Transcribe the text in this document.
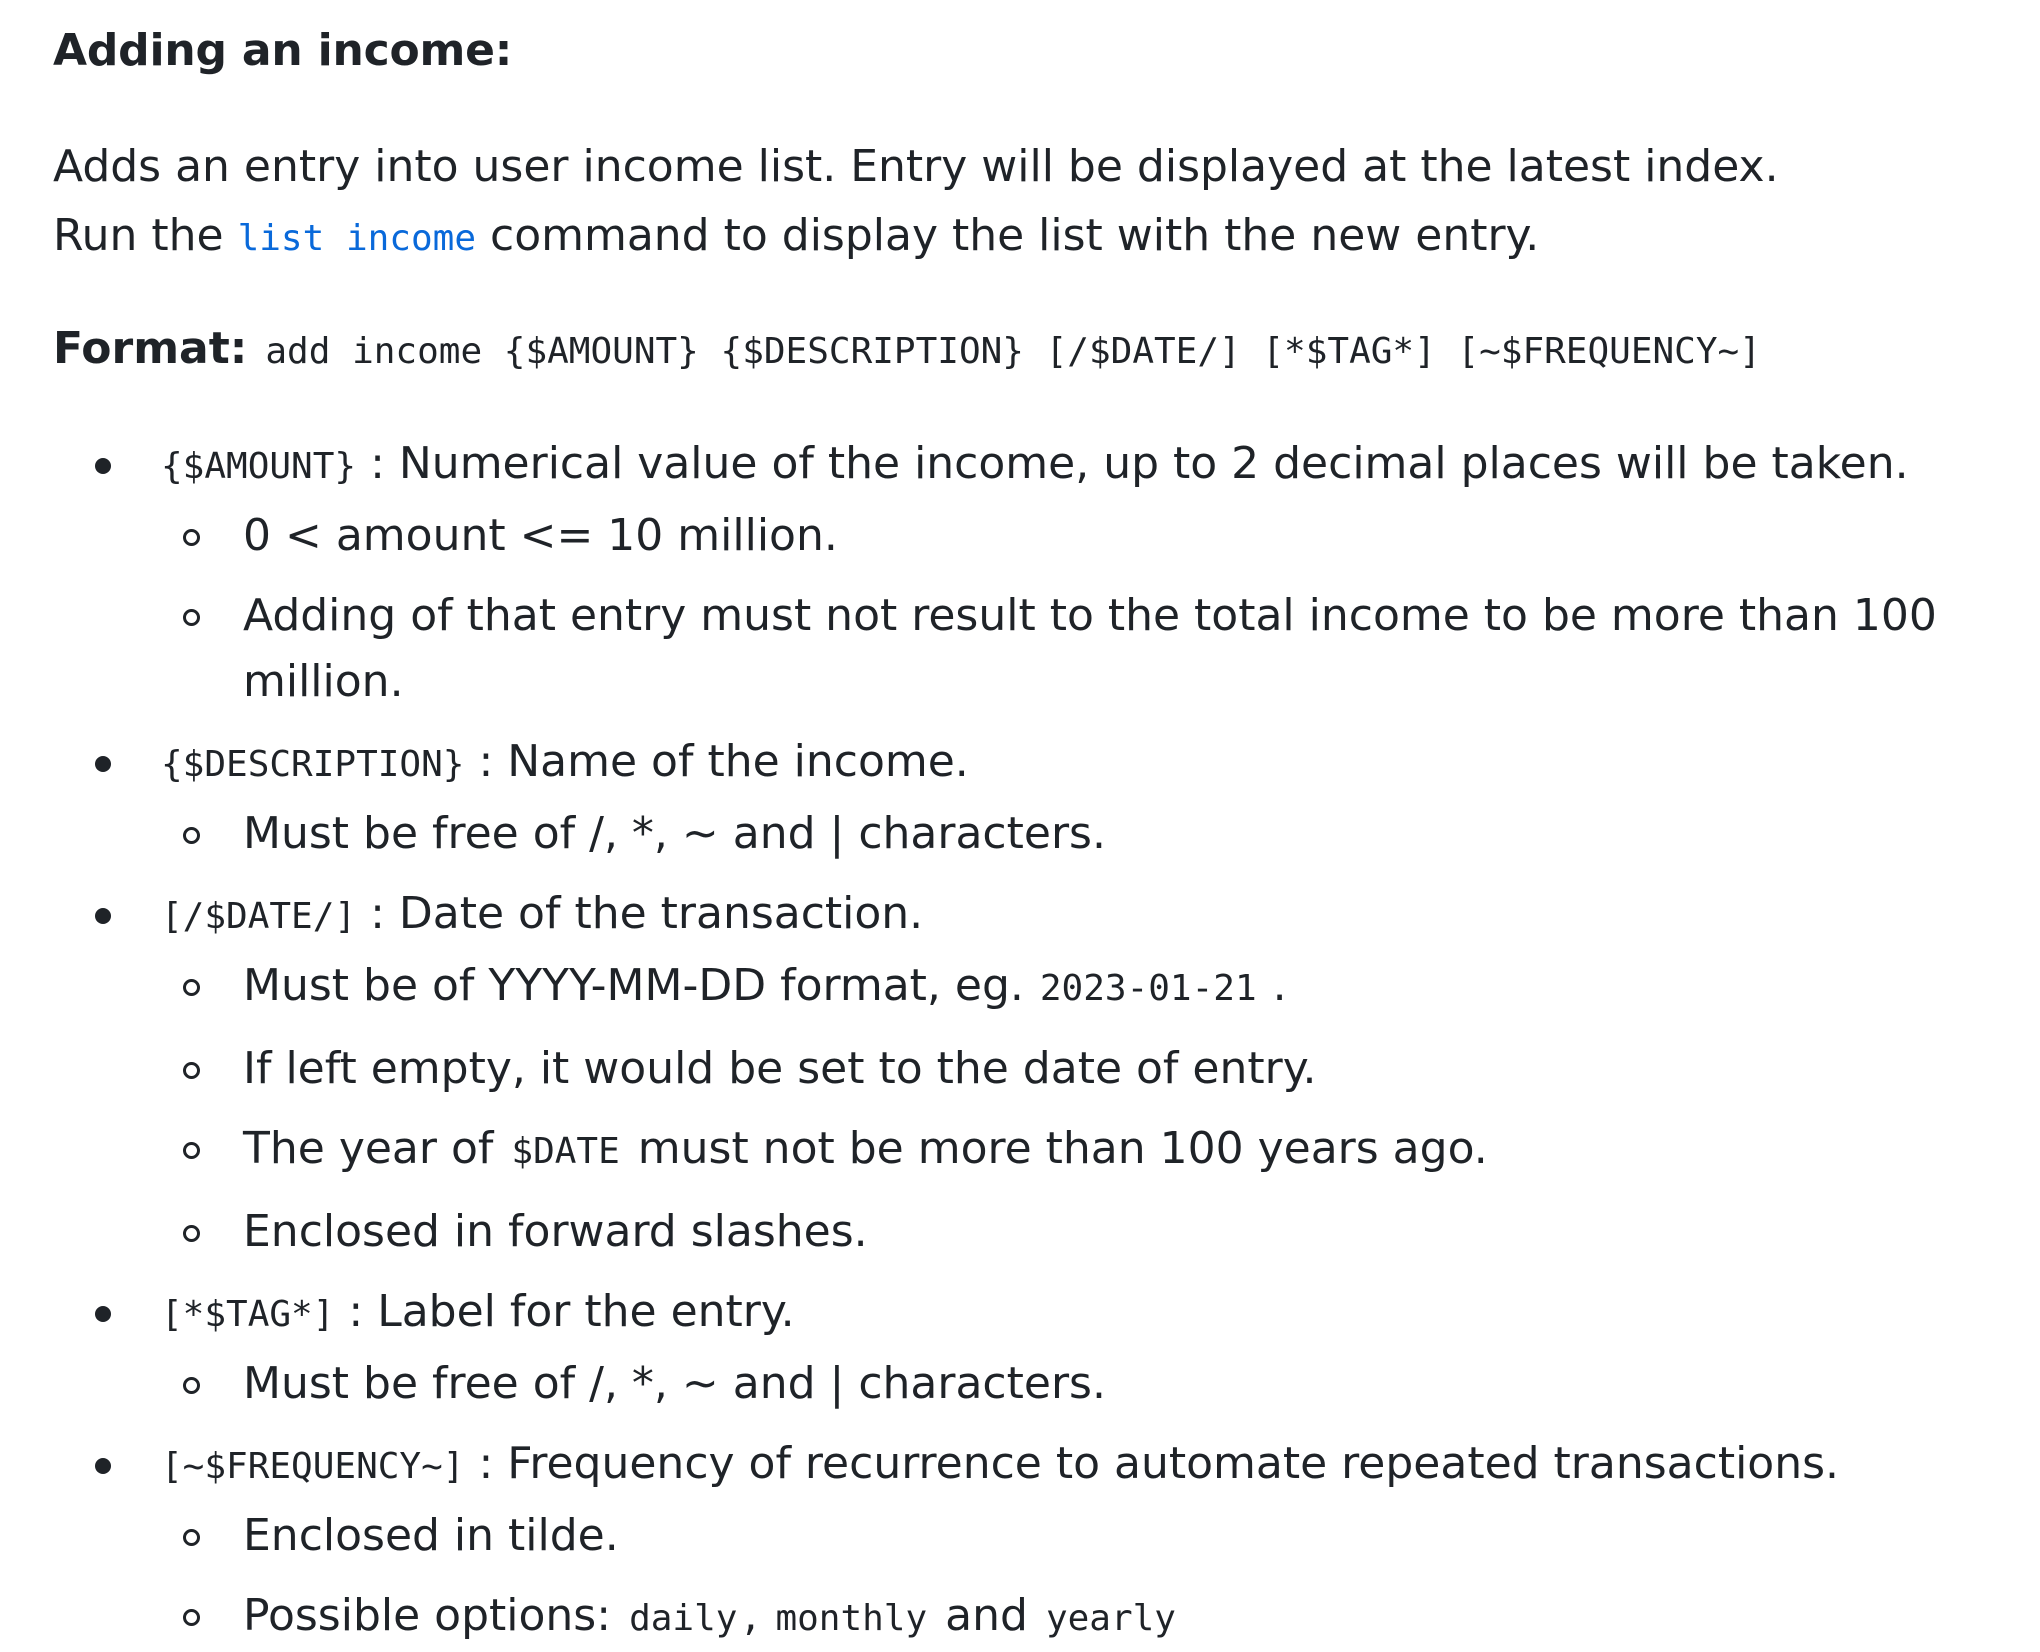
Adding an income:

Adds an entry into user income list. Entry will be displayed at the latest index.

Run the list income command to display the list with the new entry.

Format: add income {$AMOUNT} {$DESCRIPTION} [/$DATE/] [*$TAG*] [~$FREQUENCY~]
{$AMOUNT} : Numerical value of the income, up to 2 decimal places will be taken.
0 < amount <= 10 million.
Adding of that entry must not result to the total income to be more than 100 million.
{$DESCRIPTION} : Name of the income.
Must be free of /, *, ~ and | characters.
[/$DATE/] : Date of the transaction.
Must be of YYYY-MM-DD format, eg. 2023-01-21 .
If left empty, it would be set to the date of entry.
The year of $DATE must not be more than 100 years ago.
Enclosed in forward slashes.
[*$TAG*] : Label for the entry.
Must be free of /, *, ~ and | characters.
[~$FREQUENCY~] : Frequency of recurrence to automate repeated transactions.
Enclosed in tilde.
Possible options: daily , monthly and yearly
